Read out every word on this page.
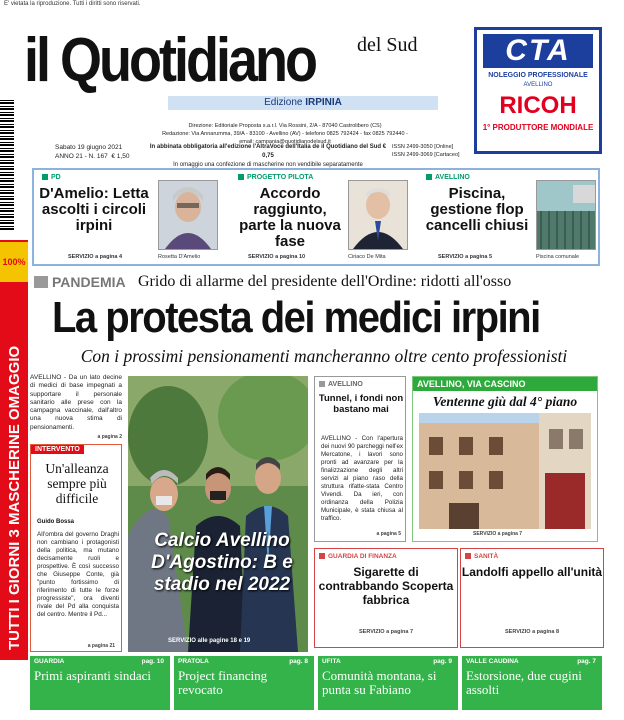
E' vietata la riproduzione. Tutti i diritti sono riservati.
il Quotidiano del Sud
Edizione IRPINIA
Direzione: Editoriale Proposta s.a.r.l. Via Rossini, 2/A - 87040 Castrolibero (CS)
Redazione: Via Annarumma, 39/A - 83100 - Avellino (AV) - telefono 0825 792424 - fax 0825 792440 -
email: campania@quotidianodelsud.it
Sabato 19 giugno 2021
ANNO 21 - N. 167 € 1,50
In abbinata obbligatoria all'edizione l'AltraVoce dell'Italia de il Quotidiano del Sud € 0,75
In omaggio una confezione di mascherine non vendibile separatamente
ISSN 2499-3050 [Online]
ISSN 2499-3069 [Cartaceo]
CTA
NOLEGGIO PROFESSIONALE
AVELLINO
RICOH
1° PRODUTTORE MONDIALE
PD
D'Amelio: Letta ascolti i circoli irpini
SERVIZIO a pagina 4	Rosetta D'Amelio
PROGETTO PILOTA
Accordo raggiunto, parte la nuova fase
SERVIZIO a pagina 10	Ciriaco De Mita
AVELLINO
Piscina, gestione flop cancelli chiusi
SERVIZIO a pagina 5	Piscina comunale
100%
TUTTI I GIORNI 3 MASCHERINE OMAGGIO
PANDEMIA Grido di allarme del presidente dell'Ordine: ridotti all'osso
La protesta dei medici irpini
Con i prossimi pensionamenti mancheranno oltre cento professionisti
AVELLINO - Da un lato decine di medici di base impegnati a supportare il personale sanitario alle prese con la campagna vaccinale, dall'altro una nuova stima di pensionamenti.
a pagina 2
INTERVENTO
Un'alleanza sempre più difficile
Guido Bossa
All'ombra del governo Draghi non cambiano i protagonisti della politica, ma mutano decisamente ruoli e prospettive. È così successo che Giuseppe Conte, già "punto fortissimo di riferimento di tutte le forze progressiste", ora diventi rivale del Pd alla conquista del centro. Mentre il Pd...
a pagina 21
Calcio Avellino D'Agostino: B e stadio nel 2022
SERVIZIO alle pagine 18 e 19
AVELLINO
Tunnel, i fondi non bastano mai
AVELLINO - Con l'apertura dei nuovi 90 parcheggi nell'ex Mercatone, i lavori sono pronti ad avanzare per la finalizzazione degli altri servizi al piano raso della struttura rifatte-stata Centro Vivendi. Da ieri, con ordinanza della Polizia Municipale, è stata chiusa al traffico.
a pagina 5
AVELLINO, VIA CASCINO
Ventenne giù dal 4° piano
SERVIZIO a pagina 7
GUARDIA DI FINANZA
Sigarette di contrabbando Scoperta fabbrica
SERVIZIO a pagina 7
SANITÀ
Landolfi appello all'unità
SERVIZIO a pagina 8
GUARDIA	pag. 10
Primi aspiranti sindaci
PRATOLA	pag. 8
Project financing revocato
UFITA	pag. 9
Comunità montana, si punta su Fabiano
VALLE CAUDINA	pag. 7
Estorsione, due cugini assolti
